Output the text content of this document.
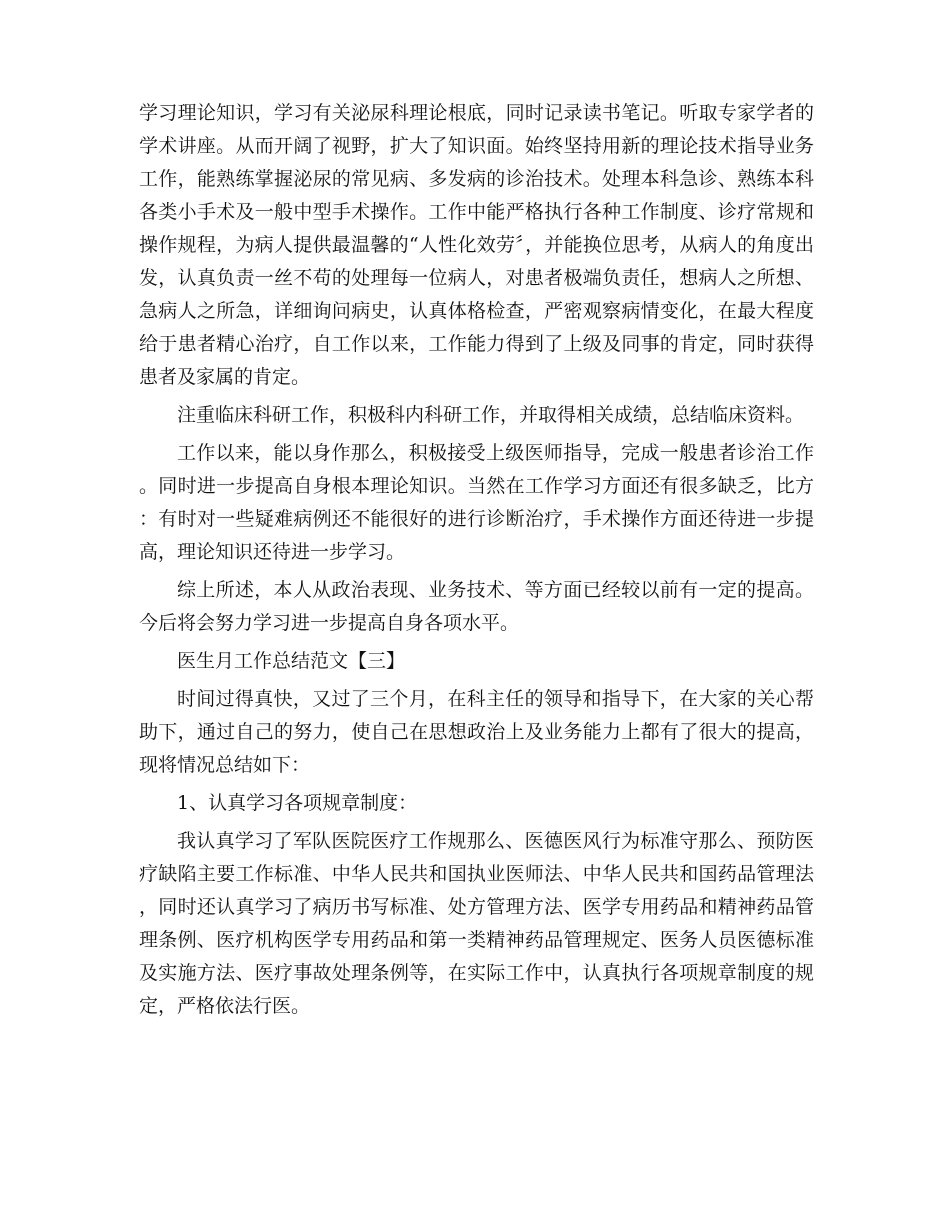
学习理论知识，学习有关泌尿科理论根底，同时记录读书笔记。听取专家学者的学术讲座。从而开阔了视野，扩大了知识面。始终坚持用新的理论技术指导业务工作，能熟练掌握泌尿的常见病、多发病的诊治技术。处理本科急诊、熟练本科各类小手术及一般中型手术操作。工作中能严格执行各种工作制度、诊疗常规和操作规程，为病人提供最温馨的“人性化效劳〞，并能换位思考，从病人的角度出发，认真负责一丝不苟的处理每一位病人，对患者极端负责任，想病人之所想、急病人之所急，详细询问病史，认真体格检查，严密观察病情变化，在最大程度给于患者精心治疗，自工作以来，工作能力得到了上级及同事的肯定，同时获得患者及家属的肯定。

注重临床科研工作，积极科内科研工作，并取得相关成绩，总结临床资料。

工作以来，能以身作那么，积极接受上级医师指导，完成一般患者诊治工作。同时进一步提高自身根本理论知识。当然在工作学习方面还有很多缺乏，比方：有时对一些疑难病例还不能很好的进行诊断治疗，手术操作方面还待进一步提高，理论知识还待进一步学习。

综上所述，本人从政治表现、业务技术、等方面已经较以前有一定的提高。今后将会努力学习进一步提高自身各项水平。

医生月工作总结范文【三】

时间过得真快，又过了三个月，在科主任的领导和指导下，在大家的关心帮助下，通过自己的努力，使自己在思想政治上及业务能力上都有了很大的提高，现将情况总结如下：

1、认真学习各项规章制度：

我认真学习了军队医院医疗工作规那么、医德医风行为标准守那么、预防医疗缺陷主要工作标准、中华人民共和国执业医师法、中华人民共和国药品管理法，同时还认真学习了病历书写标准、处方管理方法、医学专用药品和精神药品管理条例、医疗机构医学专用药品和第一类精神药品管理规定、医务人员医德标准及实施方法、医疗事故处理条例等，在实际工作中，认真执行各项规章制度的规定，严格依法行医。
